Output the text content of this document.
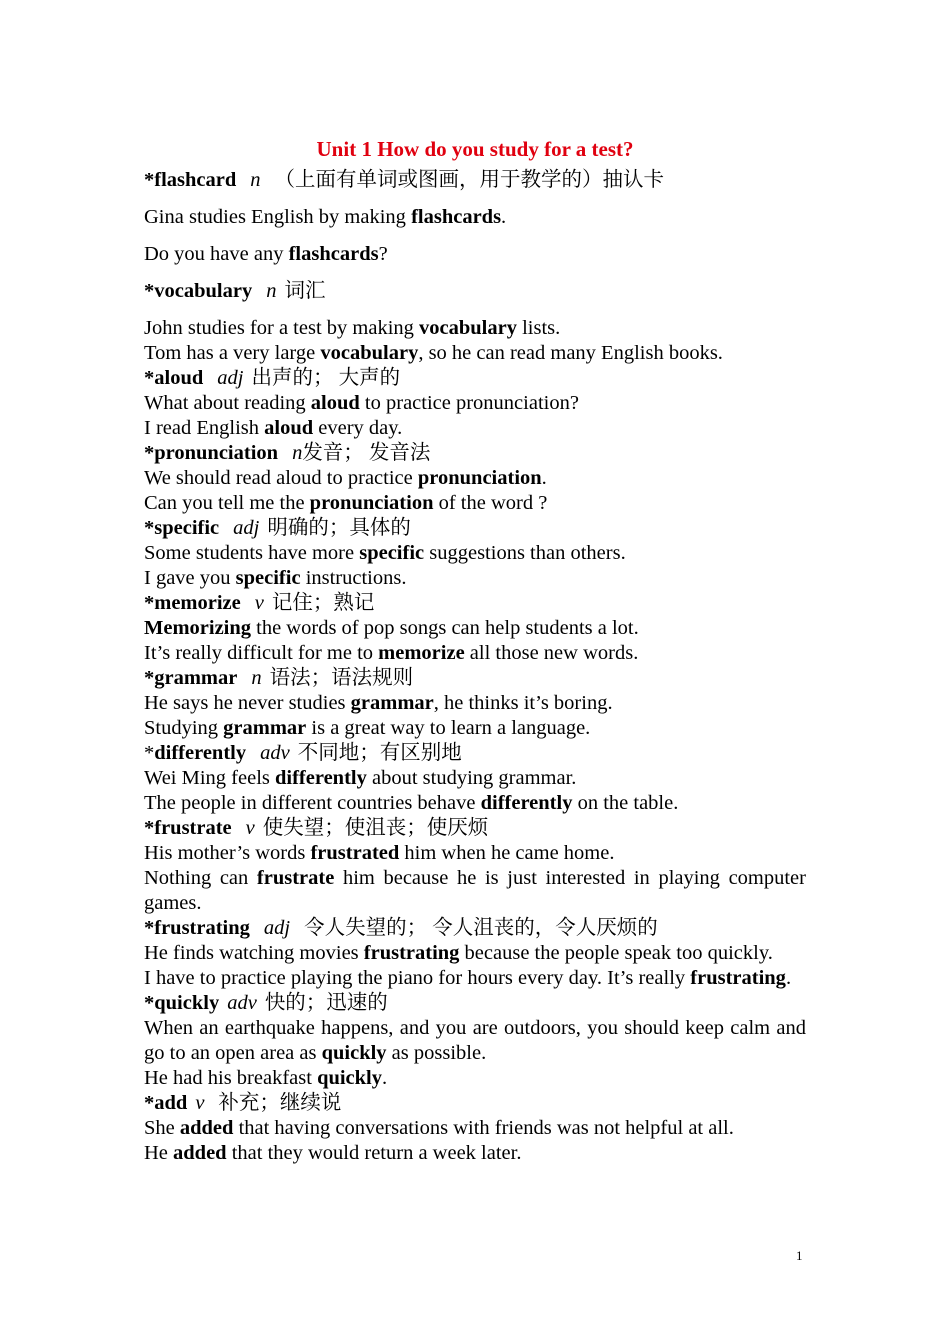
Unit 1 How do you study for a test?
*flashcard n （上面有单词或图画，用于教学的）抽认卡
Gina studies English by making flashcards.
Do you have any flashcards?
*vocabulary n 词汇
John studies for a test by making vocabulary lists.
Tom has a very large vocabulary, so he can read many English books.
*aloud adj 出声的； 大声的
What about reading aloud to practice pronunciation?
I read English aloud every day.
*pronunciation n发音； 发音法
We should read aloud to practice pronunciation.
Can you tell me the pronunciation of the word ?
*specific adj 明确的；具体的
Some students have more specific suggestions than others.
I gave you specific instructions.
*memorize v 记住；熟记
Memorizing the words of pop songs can help students a lot.
It’s really difficult for me to memorize all those new words.
*grammar n 语法；语法规则
He says he never studies grammar, he thinks it’s boring.
Studying grammar is a great way to learn a language.
*differently adv 不同地；有区别地
Wei Ming feels differently about studying grammar.
The people in different countries behave differently on the table.
*frustrate v 使失望；使沮丧；使厌烦
His mother’s words frustrated him when he came home.
Nothing can frustrate him because he is just interested in playing computer games.
*frustrating adj 令人失望的； 令人沮丧的，令人厌烦的
He finds watching movies frustrating because the people speak too quickly.
I have to practice playing the piano for hours every day. It’s really frustrating.
*quickly adv 快的；迅速的
When an earthquake happens, and you are outdoors, you should keep calm and go to an open area as quickly as possible.
He had his breakfast quickly.
*add v 补充；继续说
She added that having conversations with friends was not helpful at all.
He added that they would return a week later.
1
